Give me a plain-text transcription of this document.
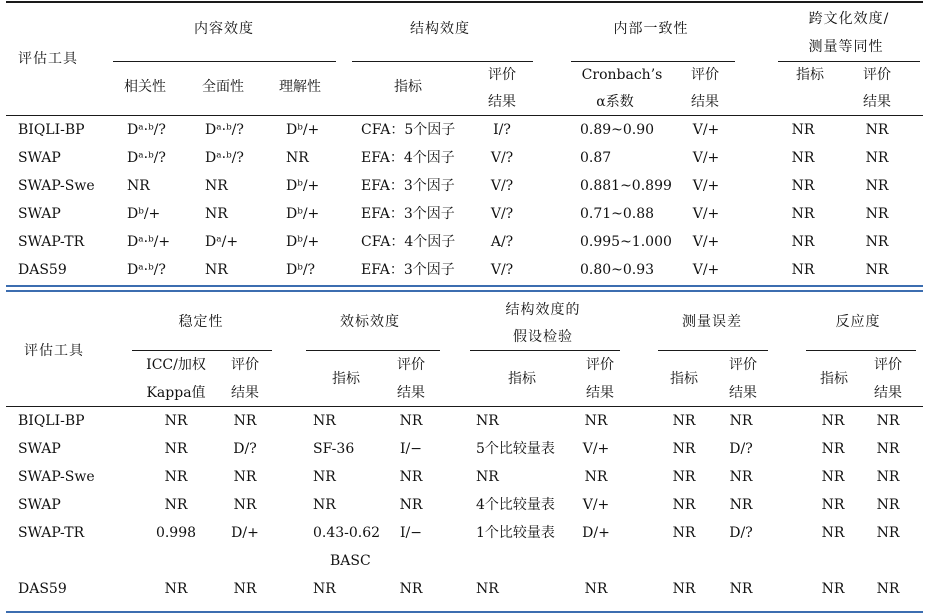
评估工具
内容效度	结构效度	内部一致性
跨文化效度/
测量等同性
相关性	全面性	理解性	指标
评价
结果
Cronbach’s
α系数
评价
结果
指标	评价
结果
BIQLI-BP	Dᵃ·ᵇ/?	Dᵃ·ᵇ/?	Dᵇ/+	CFA：5个因子	I/?	0.89~0.90	V/+	NR	NR
SWAP	Dᵃ·ᵇ/?	Dᵃ·ᵇ/?	NR	EFA：4个因子	V/?	0.87	V/+	NR	NR
SWAP-Swe NR	NR	Dᵇ/+	EFA：3个因子	V/?	0.881~0.899 V/+	NR	NR
SWAP	Dᵇ/+	NR	Dᵇ/+	EFA：3个因子	V/?	0.71~0.88	V/+	NR	NR
SWAP-TR	Dᵃ·ᵇ/+ Dᵃ/+	Dᵇ/+	CFA：4个因子	A/?	0.995~1.000 V/+	NR	NR
DAS59	Dᵃ·ᵇ/?	NR	Dᵇ/?	EFA：3个因子	V/?	0.80~0.93	V/+	NR	NR
评估工具
稳定性	效标效度
结构效度的
假设检验
测量误差	反应度
ICC/加权
Kappa值
评价
结果
指标
评价
结果
指标
评价
结果
指标
评价
结果
指标
评价
结果
BIQLI-BP	NR	NR	NR	NR	NR	NR	NR NR	NR NR
SWAP	NR	D/?	SF-36	I/−	5个比较量表 V/+	NR D/?	NR NR
SWAP-Swe	NR	NR	NR	NR	NR	NR	NR NR	NR NR
SWAP	NR	NR	NR	NR	4个比较量表 V/+	NR NR	NR NR
SWAP-TR	0.998	D/+	0.43-0.62 I/−	1个比较量表 D/+	NR D/?	NR NR
BASC
DAS59	NR	NR	NR	NR	NR	NR	NR NR	NR NR
